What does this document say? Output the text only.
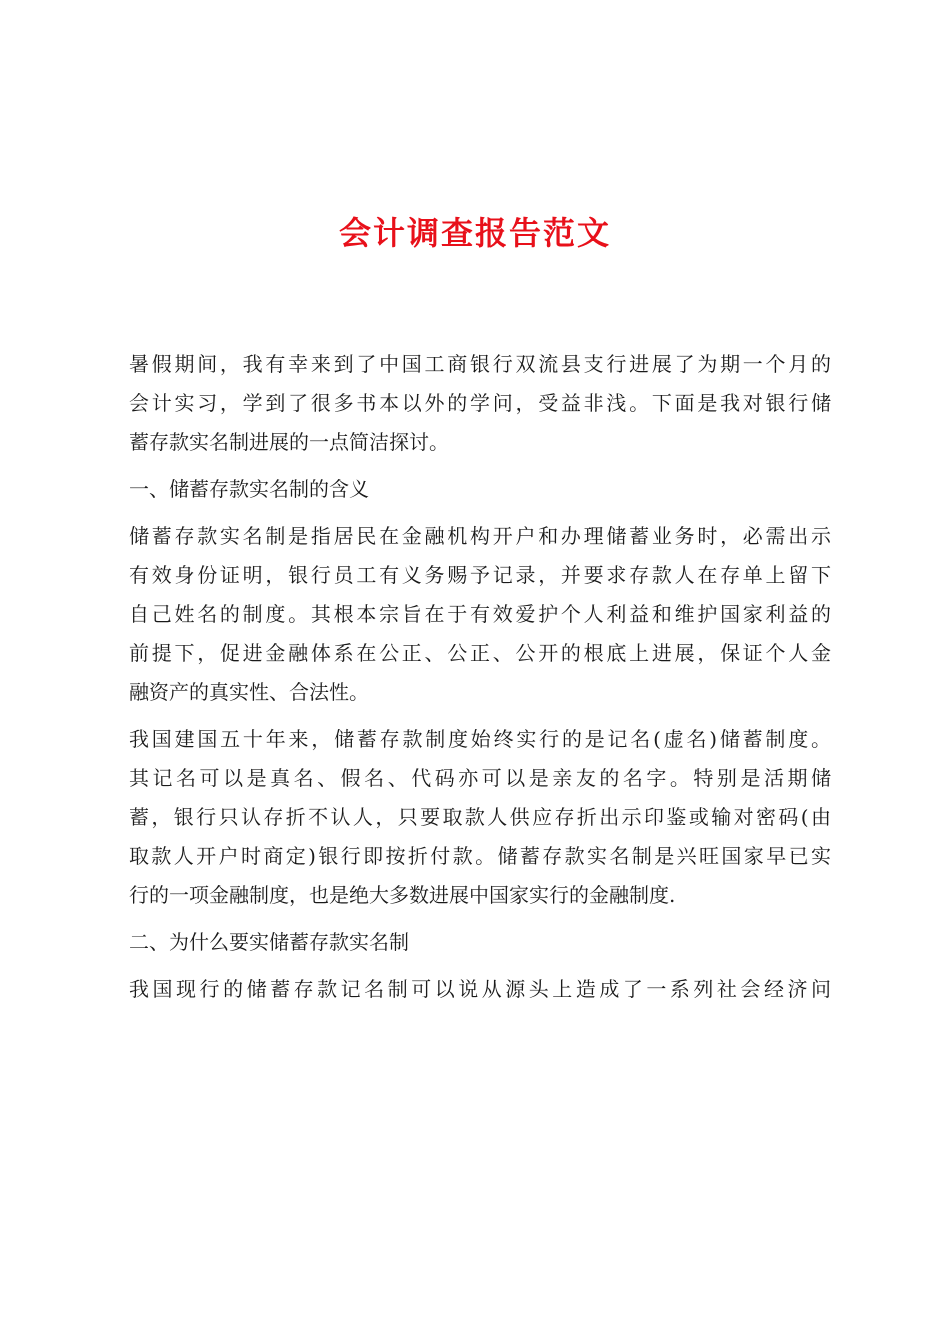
会计调查报告范文
暑假期间，我有幸来到了中国工商银行双流县支行进展了为期一个月的
会计实习，学到了很多书本以外的学问，受益非浅。下面是我对银行储
蓄存款实名制进展的一点简洁探讨。
一、储蓄存款实名制的含义
储蓄存款实名制是指居民在金融机构开户和办理储蓄业务时，必需出示
有效身份证明，银行员工有义务赐予记录，并要求存款人在存单上留下
自己姓名的制度。其根本宗旨在于有效爱护个人利益和维护国家利益的
前提下，促进金融体系在公正、公正、公开的根底上进展，保证个人金
融资产的真实性、合法性。
我国建国五十年来，储蓄存款制度始终实行的是记名(虚名)储蓄制度。
其记名可以是真名、假名、代码亦可以是亲友的名字。特别是活期储
蓄，银行只认存折不认人，只要取款人供应存折出示印鉴或输对密码(由
取款人开户时商定)银行即按折付款。储蓄存款实名制是兴旺国家早已实
行的一项金融制度，也是绝大多数进展中国家实行的金融制度.
二、为什么要实储蓄存款实名制
我国现行的储蓄存款记名制可以说从源头上造成了一系列社会经济问
